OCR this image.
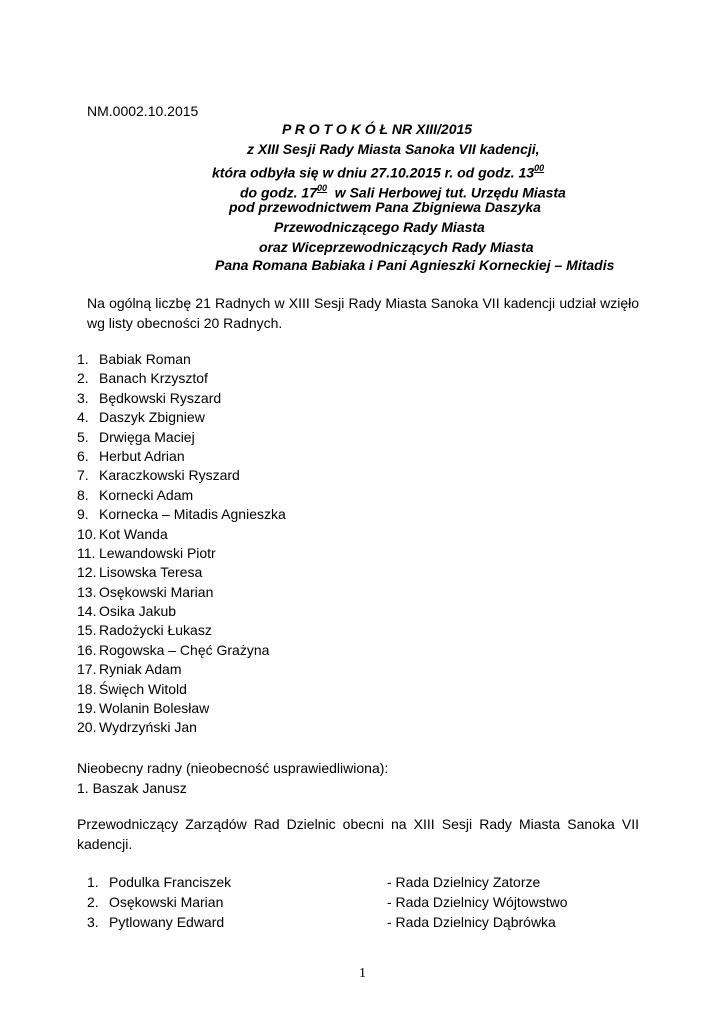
NM.0002.10.2015
P R O T O K Ó Ł NR XIII/2015
z XIII Sesji Rady Miasta Sanoka VII kadencji,
która odbyła się w dniu 27.10.2015 r. od godz. $13^{00}$
do godz. $17^{00}$  w Sali Herbowej tut. Urzędu Miasta
pod przewodnictwem Pana Zbigniewa Daszyka
Przewodniczącego Rady Miasta
oraz Wiceprzewodniczących Rady Miasta
Pana Romana Babiaka i Pani Agnieszki Korneckiej – Mitadis
Na ogólną liczbę 21 Radnych w XIII Sesji Rady Miasta Sanoka VII kadencji udział wzięło wg listy obecności 20 Radnych.
1. Babiak Roman
2. Banach Krzysztof
3. Będkowski Ryszard
4. Daszyk Zbigniew
5. Drwięga Maciej
6. Herbut Adrian
7. Karaczkowski Ryszard
8. Kornecki Adam
9. Kornecka – Mitadis Agnieszka
10. Kot Wanda
11. Lewandowski Piotr
12. Lisowska Teresa
13. Osękowski Marian
14. Osika Jakub
15. Radożycki Łukasz
16. Rogowska – Chęć Grażyna
17. Ryniak Adam
18. Święch Witold
19. Wolanin Bolesław
20. Wydrzyński Jan
Nieobecny radny (nieobecność usprawiedliwiona):
1. Baszak Janusz
Przewodniczący Zarządów Rad Dzielnic obecni na XIII Sesji Rady Miasta Sanoka VII kadencji.
1. Podulka Franciszek	- Rada Dzielnicy Zatorze
2. Osękowski Marian	- Rada Dzielnicy Wójtowstwo
3. Pytlowany Edward	- Rada Dzielnicy Dąbrówka
1
